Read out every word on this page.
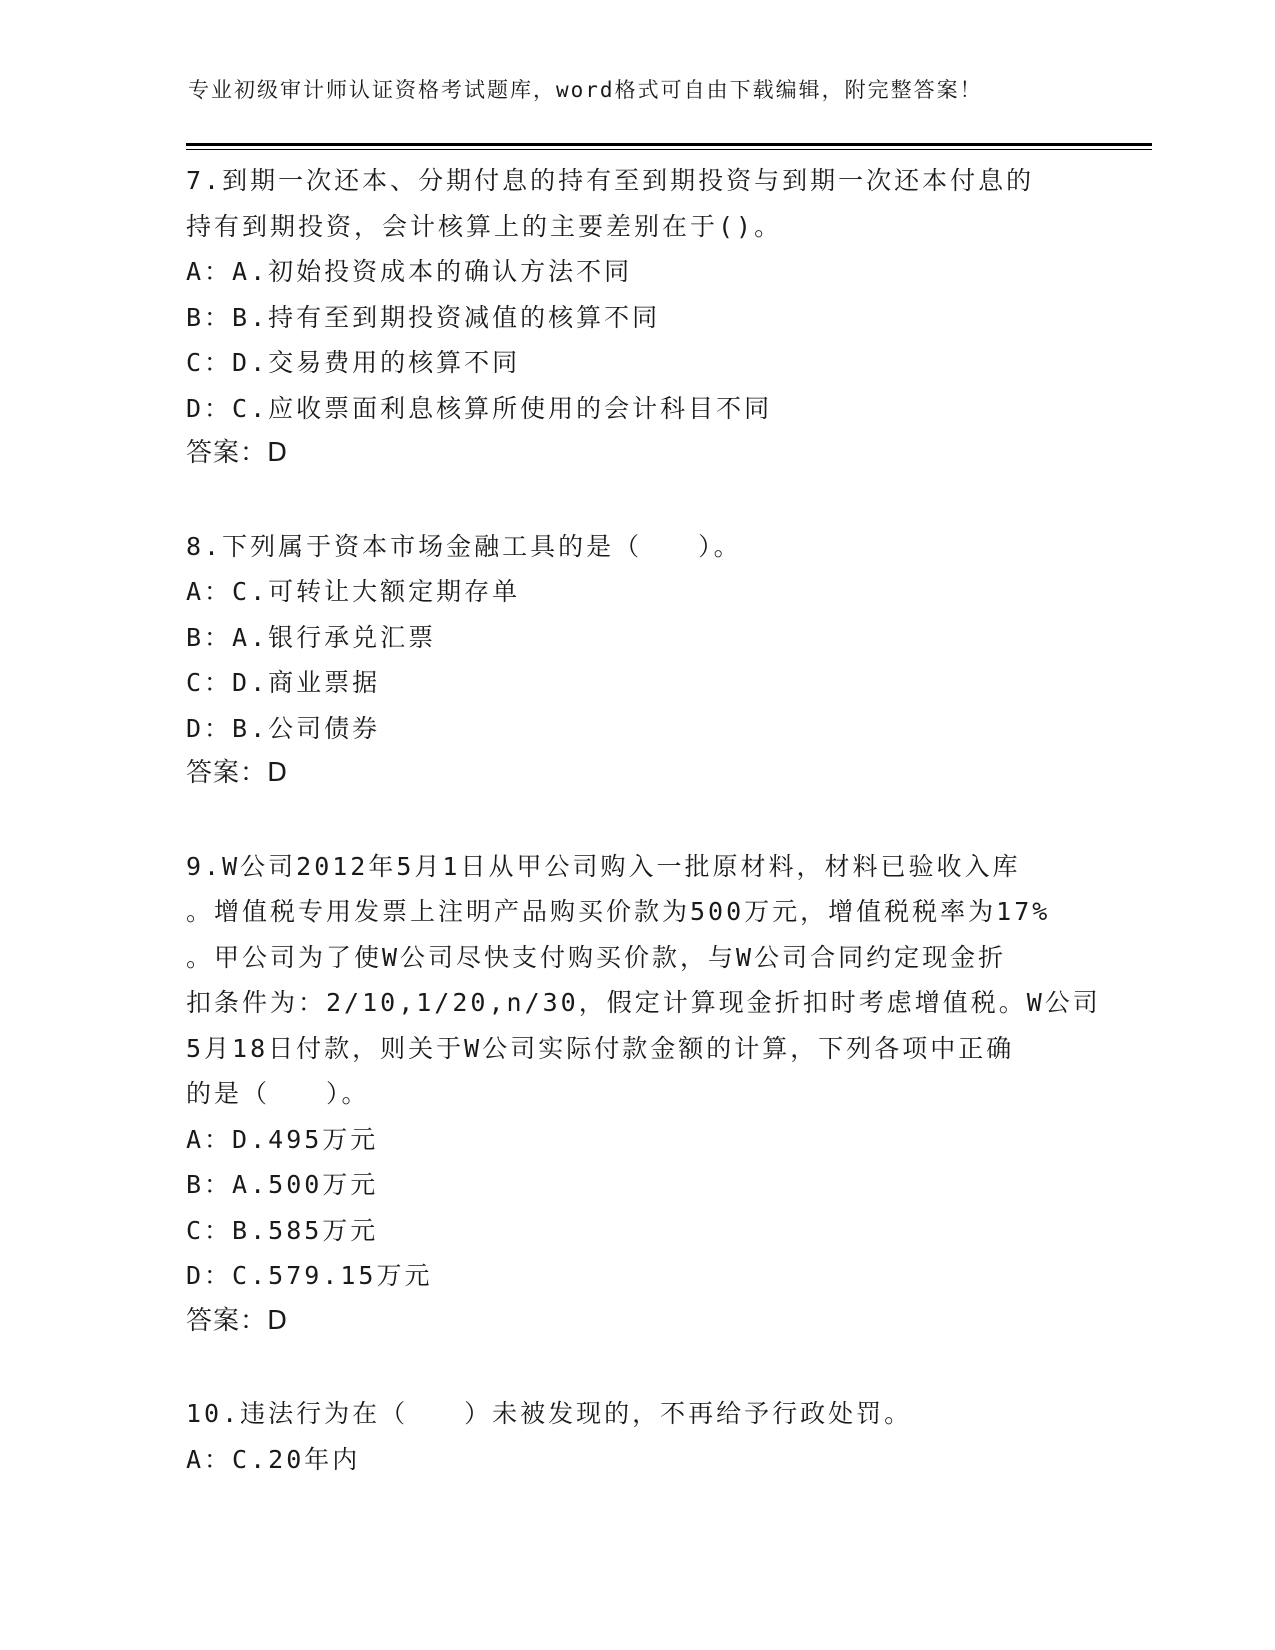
专业初级审计师认证资格考试题库，word格式可自由下载编辑，附完整答案！
7.到期一次还本、分期付息的持有至到期投资与到期一次还本付息的
持有到期投资，会计核算上的主要差别在于()。
A：A.初始投资成本的确认方法不同
B：B.持有至到期投资减值的核算不同
C：D.交易费用的核算不同
D：C.应收票面利息核算所使用的会计科目不同
答案：D
8.下列属于资本市场金融工具的是（　　）。
A：C.可转让大额定期存单
B：A.银行承兑汇票
C：D.商业票据
D：B.公司债券
答案：D
9.W公司2012年5月1日从甲公司购入一批原材料，材料已验收入库
。增值税专用发票上注明产品购买价款为500万元，增值税税率为17%
。甲公司为了使W公司尽快支付购买价款，与W公司合同约定现金折
扣条件为：2/10,1/20,n/30，假定计算现金折扣时考虑增值税。W公司
5月18日付款，则关于W公司实际付款金额的计算，下列各项中正确
的是（　　）。
A：D.495万元
B：A.500万元
C：B.585万元
D：C.579.15万元
答案：D
10.违法行为在（　　）未被发现的，不再给予行政处罚。
A：C.20年内
